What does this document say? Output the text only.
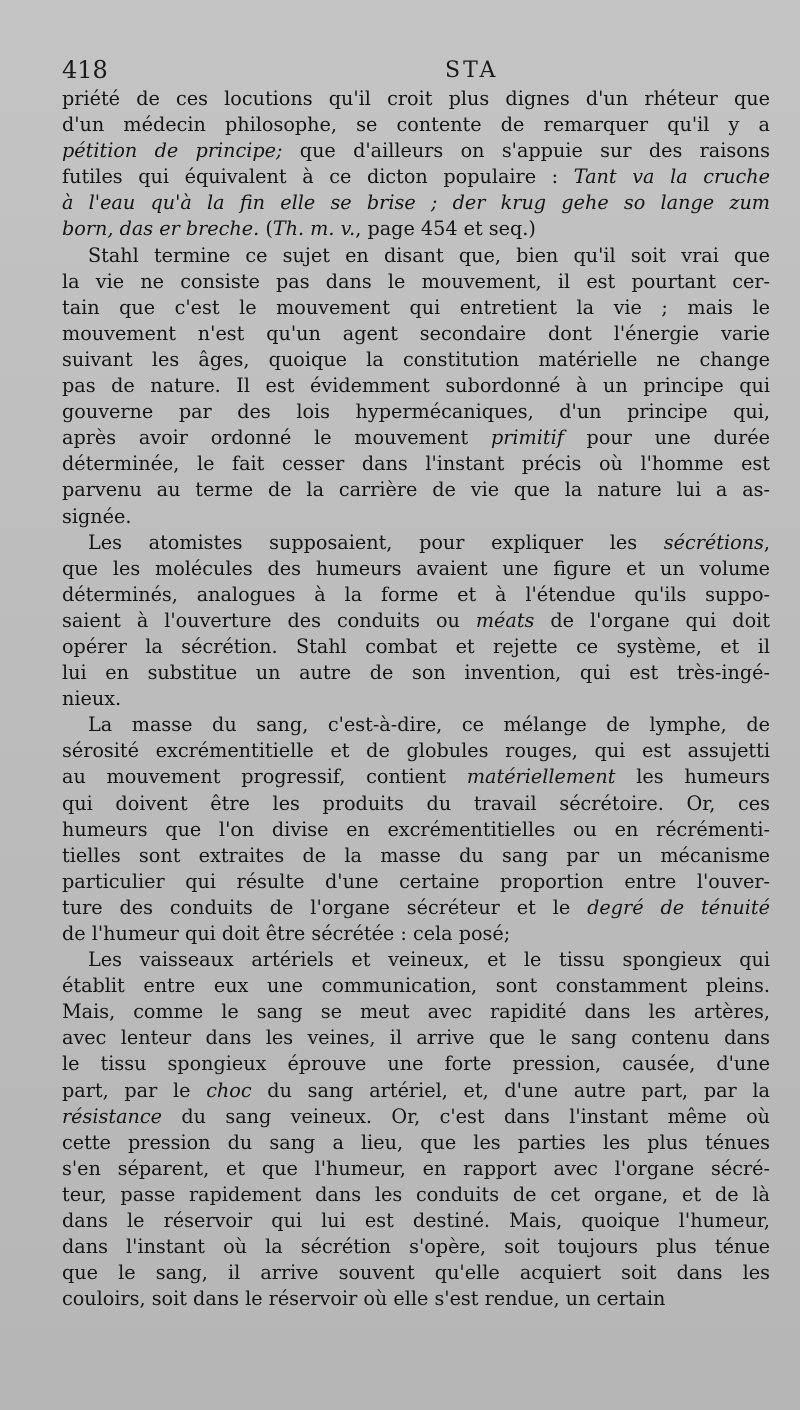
418	STA

priété de ces locutions qu'il croit plus dignes d'un rhéteur que
d'un médecin philosophe, se contente de remarquer qu'il y a
pétition de principe; que d'ailleurs on s'appuie sur des raisons
futiles qui équivalent à ce dicton populaire : Tant va la cruche
à l'eau qu'à la fin elle se brise ; der krug gehe so lange zum
born, das er breche. (Th. m. v., page 454 et seq.)

Stahl termine ce sujet en disant que, bien qu'il soit vrai que
la vie ne consiste pas dans le mouvement, il est pourtant cer-
tain que c'est le mouvement qui entretient la vie ; mais le
mouvement n'est qu'un agent secondaire dont l'énergie varie
suivant les âges, quoique la constitution matérielle ne change
pas de nature. Il est évidemment subordonné à un principe qui
gouverne par des lois hypermécaniques, d'un principe qui,
après avoir ordonné le mouvement primitif pour une durée
déterminée, le fait cesser dans l'instant précis où l'homme est
parvenu au terme de la carrière de vie que la nature lui a as-
signée.

Les atomistes supposaient, pour expliquer les sécrétions,
que les molécules des humeurs avaient une figure et un volume
déterminés, analogues à la forme et à l'étendue qu'ils suppo-
saient à l'ouverture des conduits ou méats de l'organe qui doit
opérer la sécrétion. Stahl combat et rejette ce système, et il
lui en substitue un autre de son invention, qui est très-ingé-
nieux.

La masse du sang, c'est-à-dire, ce mélange de lymphe, de
sérosité excrémentitielle et de globules rouges, qui est assujetti
au mouvement progressif, contient matériellement les humeurs
qui doivent être les produits du travail sécrétoire. Or, ces
humeurs que l'on divise en excrémentitielles ou en récrémenti-
tielles sont extraites de la masse du sang par un mécanisme
particulier qui résulte d'une certaine proportion entre l'ouver-
ture des conduits de l'organe sécréteur et le degré de ténuité
de l'humeur qui doit être sécrétée : cela posé;

Les vaisseaux artériels et veineux, et le tissu spongieux qui
établit entre eux une communication, sont constamment pleins.
Mais, comme le sang se meut avec rapidité dans les artères,
avec lenteur dans les veines, il arrive que le sang contenu dans
le tissu spongieux éprouve une forte pression, causée, d'une
part, par le choc du sang artériel, et, d'une autre part, par la
résistance du sang veineux. Or, c'est dans l'instant même où
cette pression du sang a lieu, que les parties les plus ténues
s'en séparent, et que l'humeur, en rapport avec l'organe sécré-
teur, passe rapidement dans les conduits de cet organe, et de là
dans le réservoir qui lui est destiné. Mais, quoique l'humeur,
dans l'instant où la sécrétion s'opère, soit toujours plus ténue
que le sang, il arrive souvent qu'elle acquiert soit dans les
couloirs, soit dans le réservoir où elle s'est rendue, un certain
